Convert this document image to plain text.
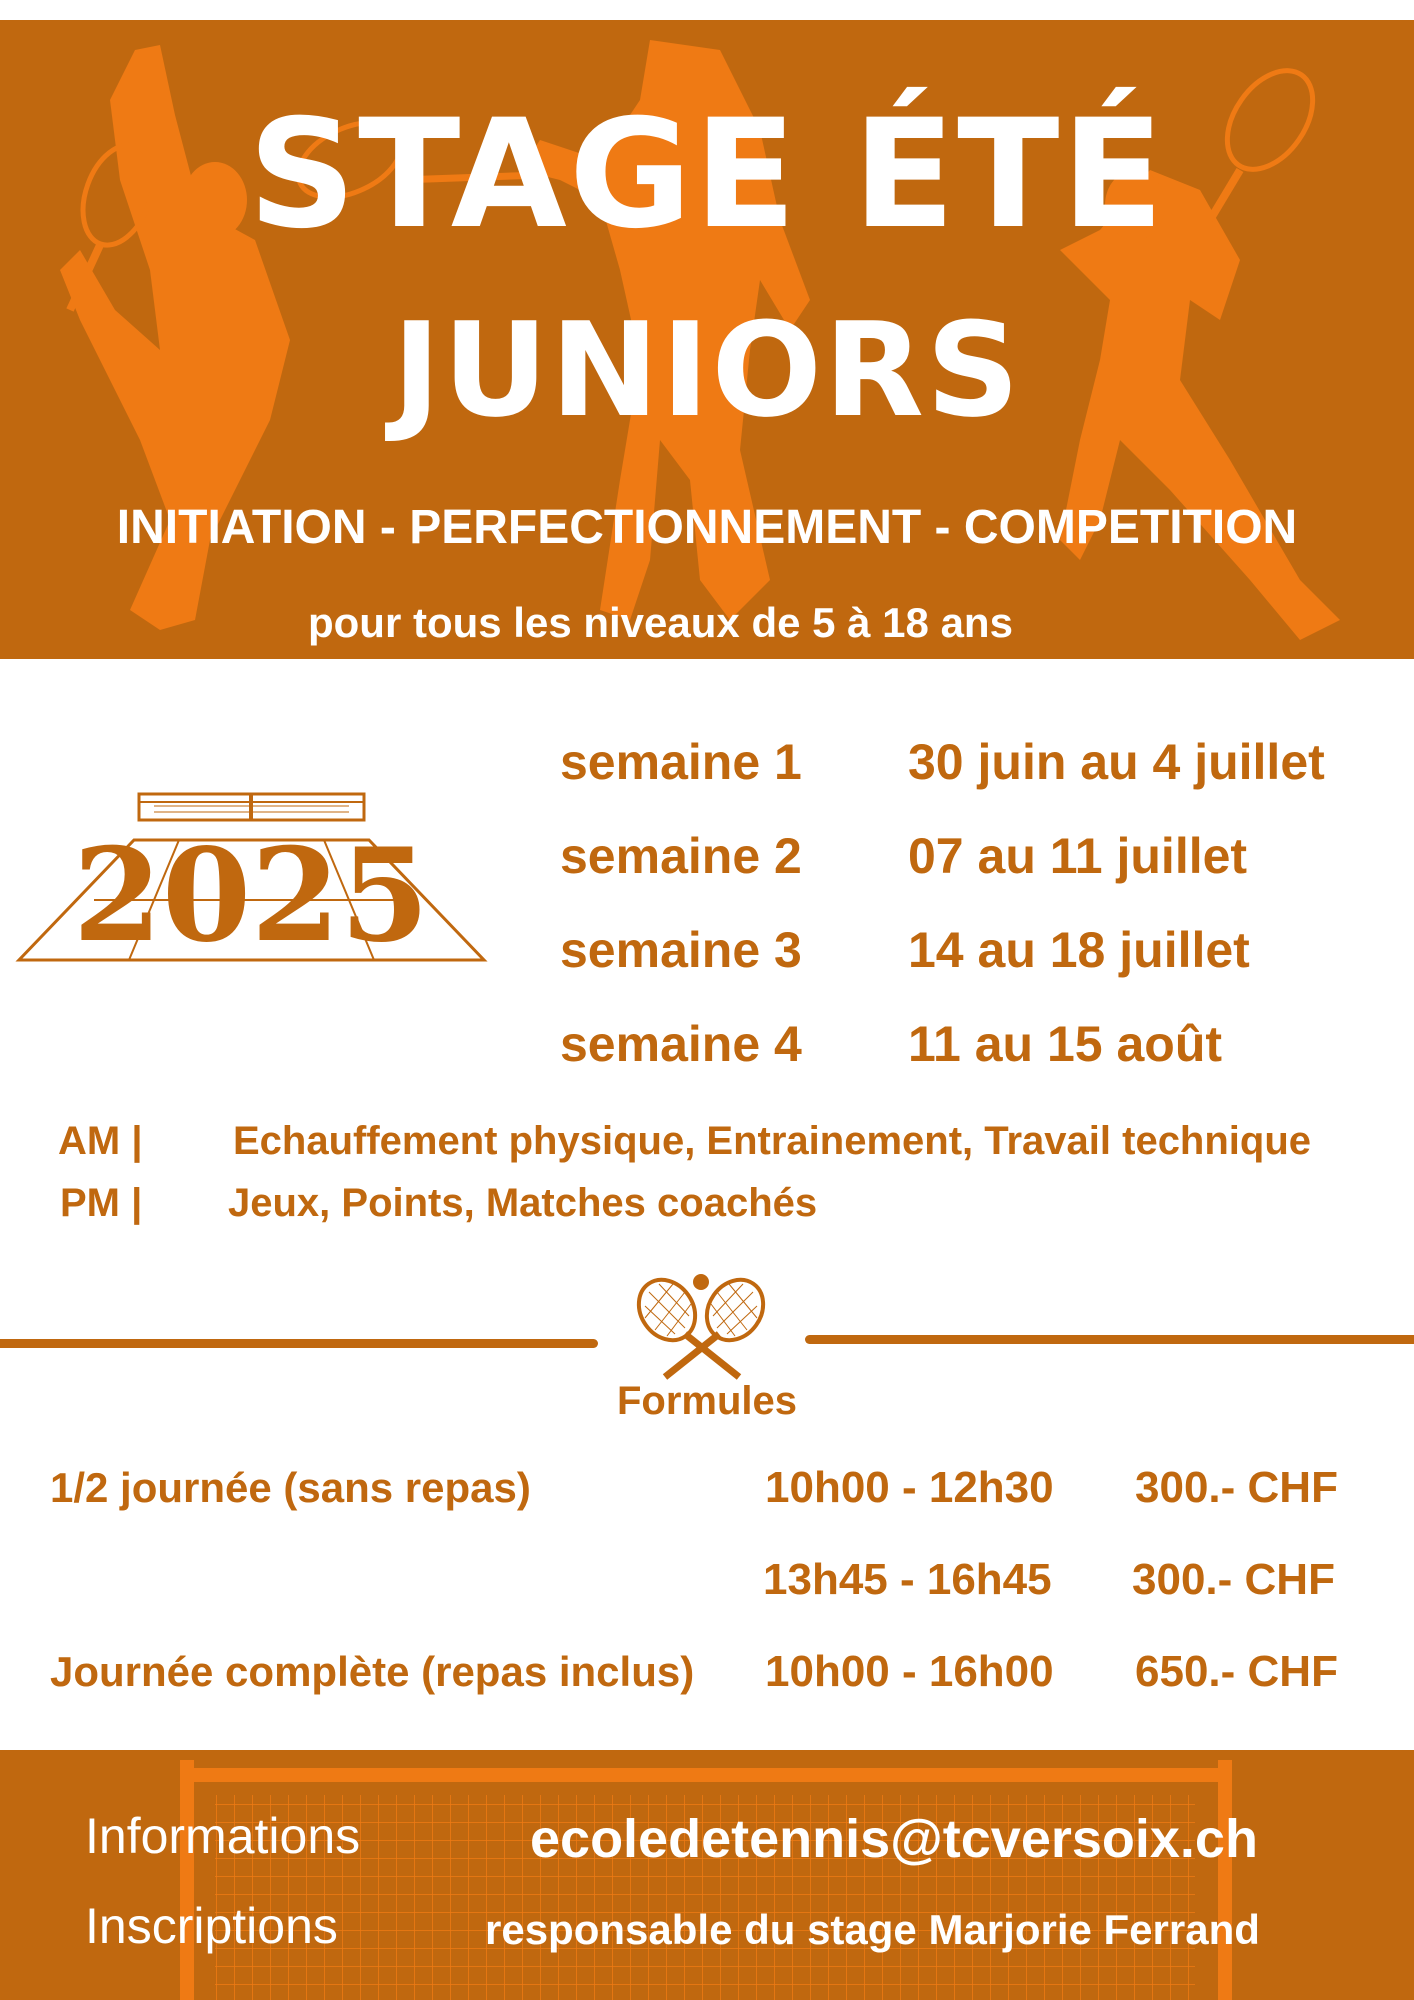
STAGE ÉTÉ
JUNIORS
INITIATION - PERFECTIONNEMENT - COMPETITION
pour tous les niveaux de 5 à 18 ans
2025
semaine 1 30 juin au 4 juillet
semaine 2 07 au 11 juillet
semaine 3 14 au 18 juillet
semaine 4 11 au 15 août
AM | Echauffement physique, Entrainement, Travail technique
PM | Jeux, Points, Matches coachés
Formules
1/2 journée (sans repas)	10h00 - 12h30 300.- CHF
13h45 - 16h45 300.- CHF
Journée complète (repas inclus) 10h00 - 16h00 650.- CHF
Informations
Inscriptions
ecoledetennis@tcversoix.ch
responsable du stage Marjorie Ferrand
